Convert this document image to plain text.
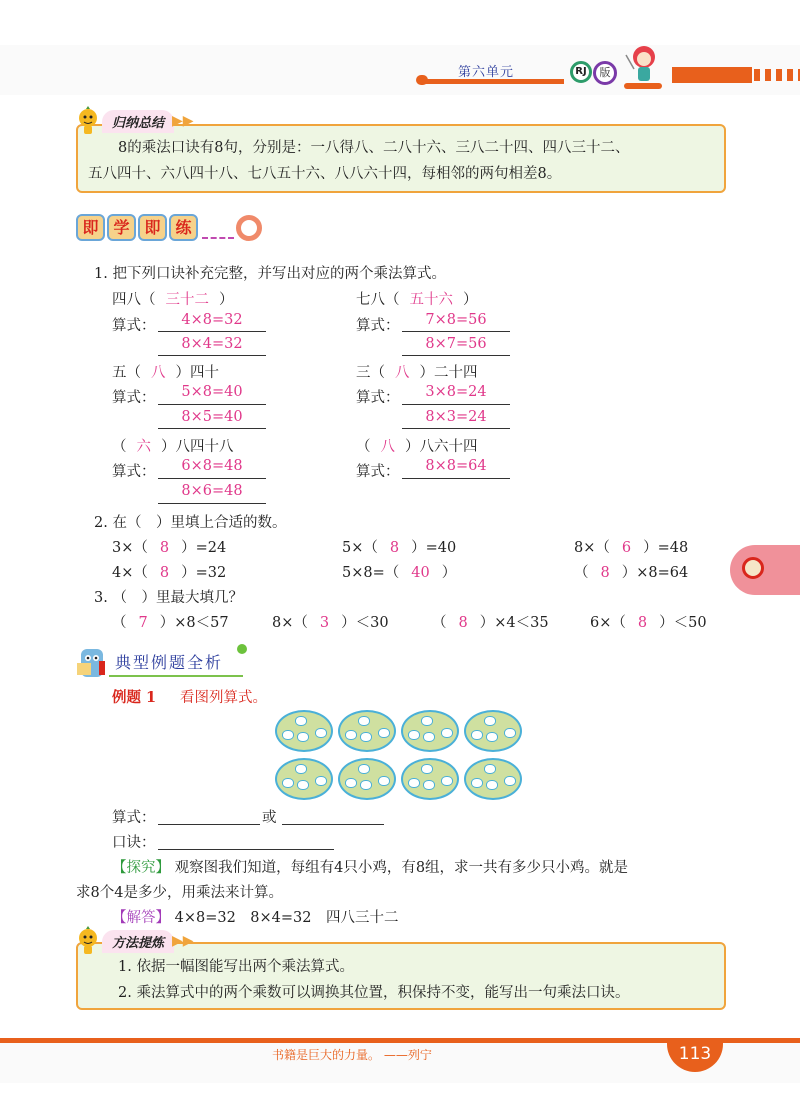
第六单元	RJ	版
归纳总结 ▶▶
8的乘法口诀有8句，分别是：一八得八、二八十六、三八二十四、四八三十二、
五八四十、六八四十八、七八五十六、八八六十四，每相邻的两句相差8。
即 学 即 练
1. 把下列口诀补充完整，并写出对应的两个乘法算式。
四八（ 三十二 ）
算式：	4×8=32
8×4=32
七八（ 五十六 ）
算式：	7×8=56
8×7=56
五（ 八 ）四十
算式：	5×8=40
8×5=40
三（ 八 ）二十四
算式：	3×8=24
8×3=24
（ 六 ）八四十八
算式：	6×8=48
8×6=48
（ 八 ）八六十四
算式：	8×8=64
2. 在（　）里填上合适的数。
3×（ 8 ）=24	5×（ 8 ）=40	8×（ 6 ）=48
4×（ 8 ）=32	5×8=（ 40 ）	（ 8 ）×8=64
3. （　）里最大填几？
（ 7 ）×8＜57	8×（ 3 ）＜30	（ 8 ）×4＜35	6×（ 8 ）＜50
典型例题全析
例题 1 看图列算式。
算式：	或
口诀：
【探究】 观察图我们知道，每组有4只小鸡，有8组，求一共有多少只小鸡。就是
求8个4是多少，用乘法来计算。
【解答】 4×8=32　8×4=32　四八三十二
方法提炼 ▶▶
1. 依据一幅图能写出两个乘法算式。
2. 乘法算式中的两个乘数可以调换其位置，积保持不变，能写出一句乘法口诀。
书籍是巨大的力量。 ——列宁	113
